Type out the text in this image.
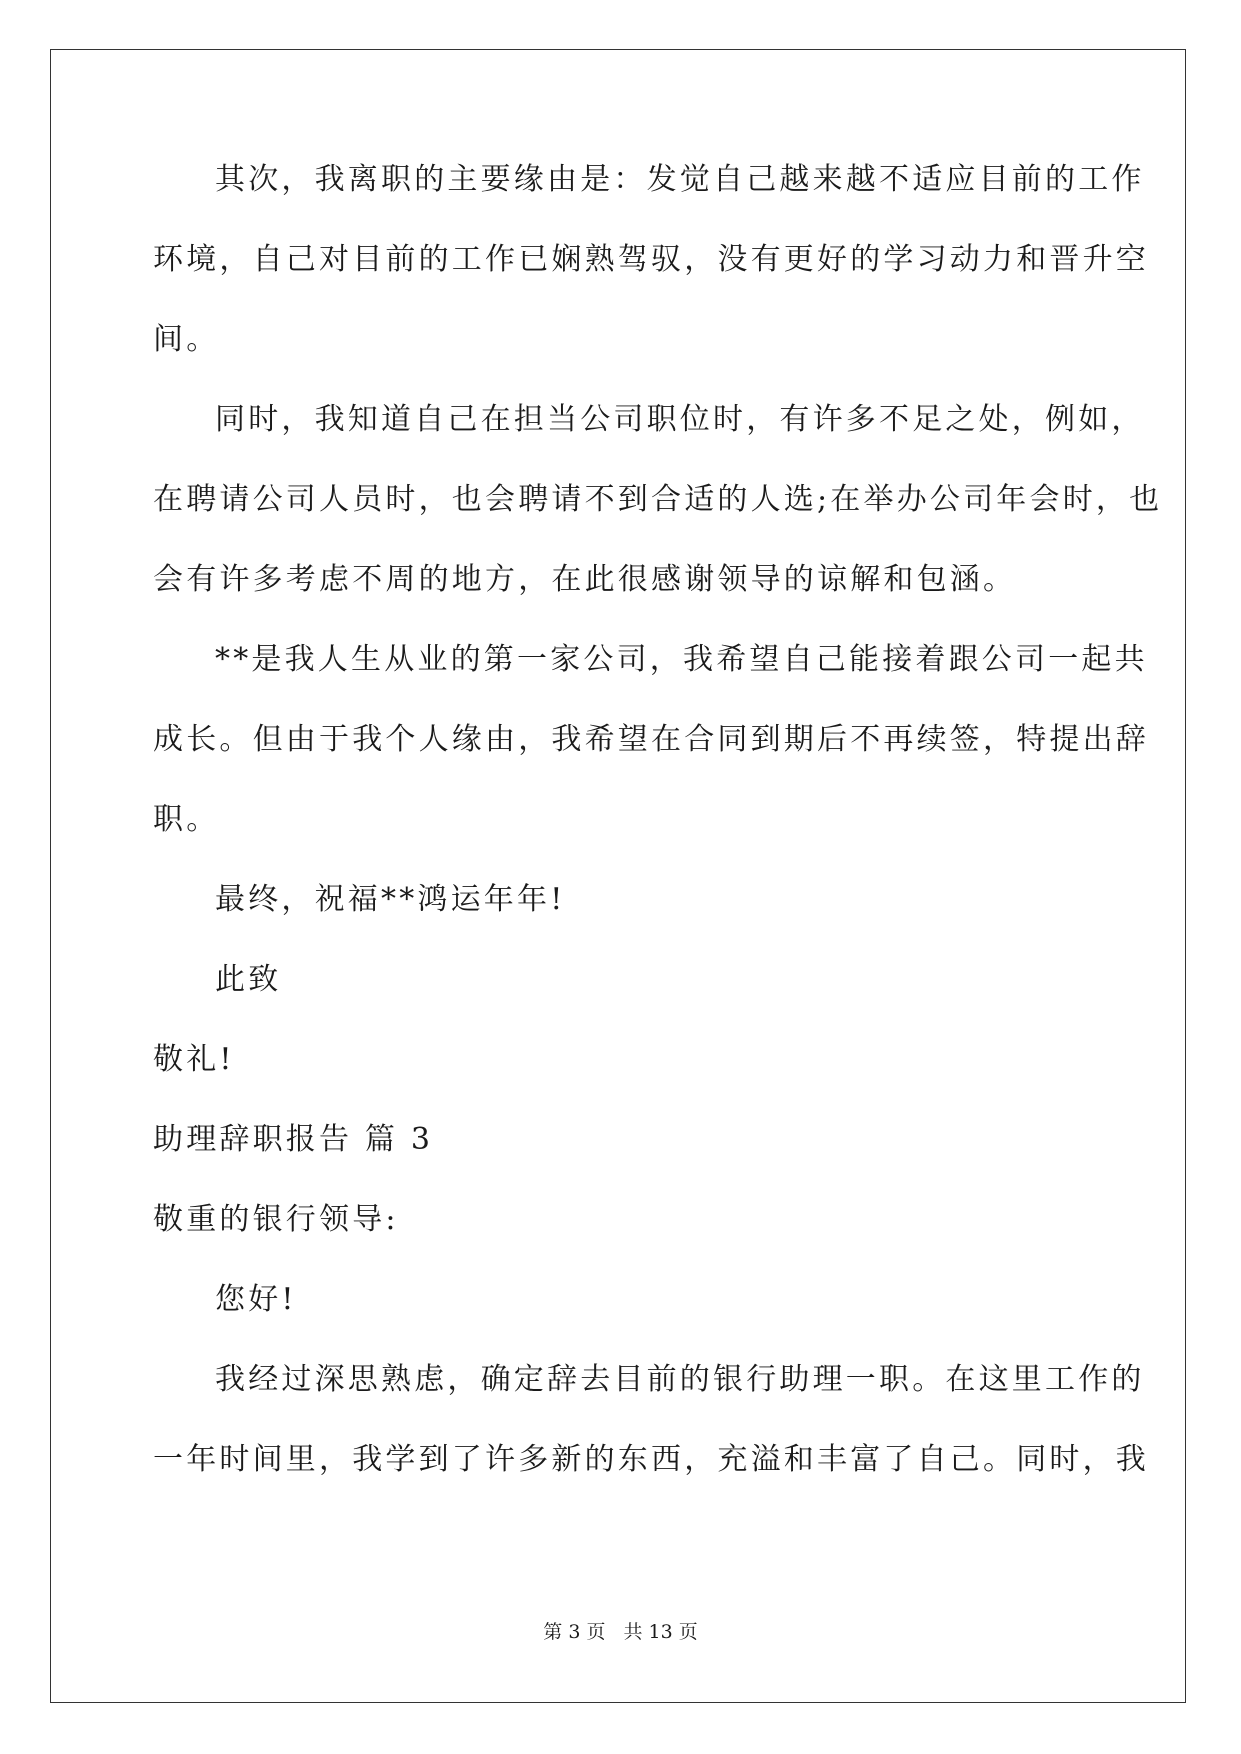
其次，我离职的主要缘由是：发觉自己越来越不适应目前的工作
环境，自己对目前的工作已娴熟驾驭，没有更好的学习动力和晋升空
间。
同时，我知道自己在担当公司职位时，有许多不足之处，例如，
在聘请公司人员时，也会聘请不到合适的人选;在举办公司年会时，也
会有许多考虑不周的地方，在此很感谢领导的谅解和包涵。
**是我人生从业的第一家公司，我希望自己能接着跟公司一起共
成长。但由于我个人缘由，我希望在合同到期后不再续签，特提出辞
职。
最终，祝福**鸿运年年!
此致
敬礼!
助理辞职报告 篇 3
敬重的银行领导:
您好!
我经过深思熟虑，确定辞去目前的银行助理一职。在这里工作的
一年时间里，我学到了许多新的东西，充溢和丰富了自己。同时，我
第 3 页 共 13 页
